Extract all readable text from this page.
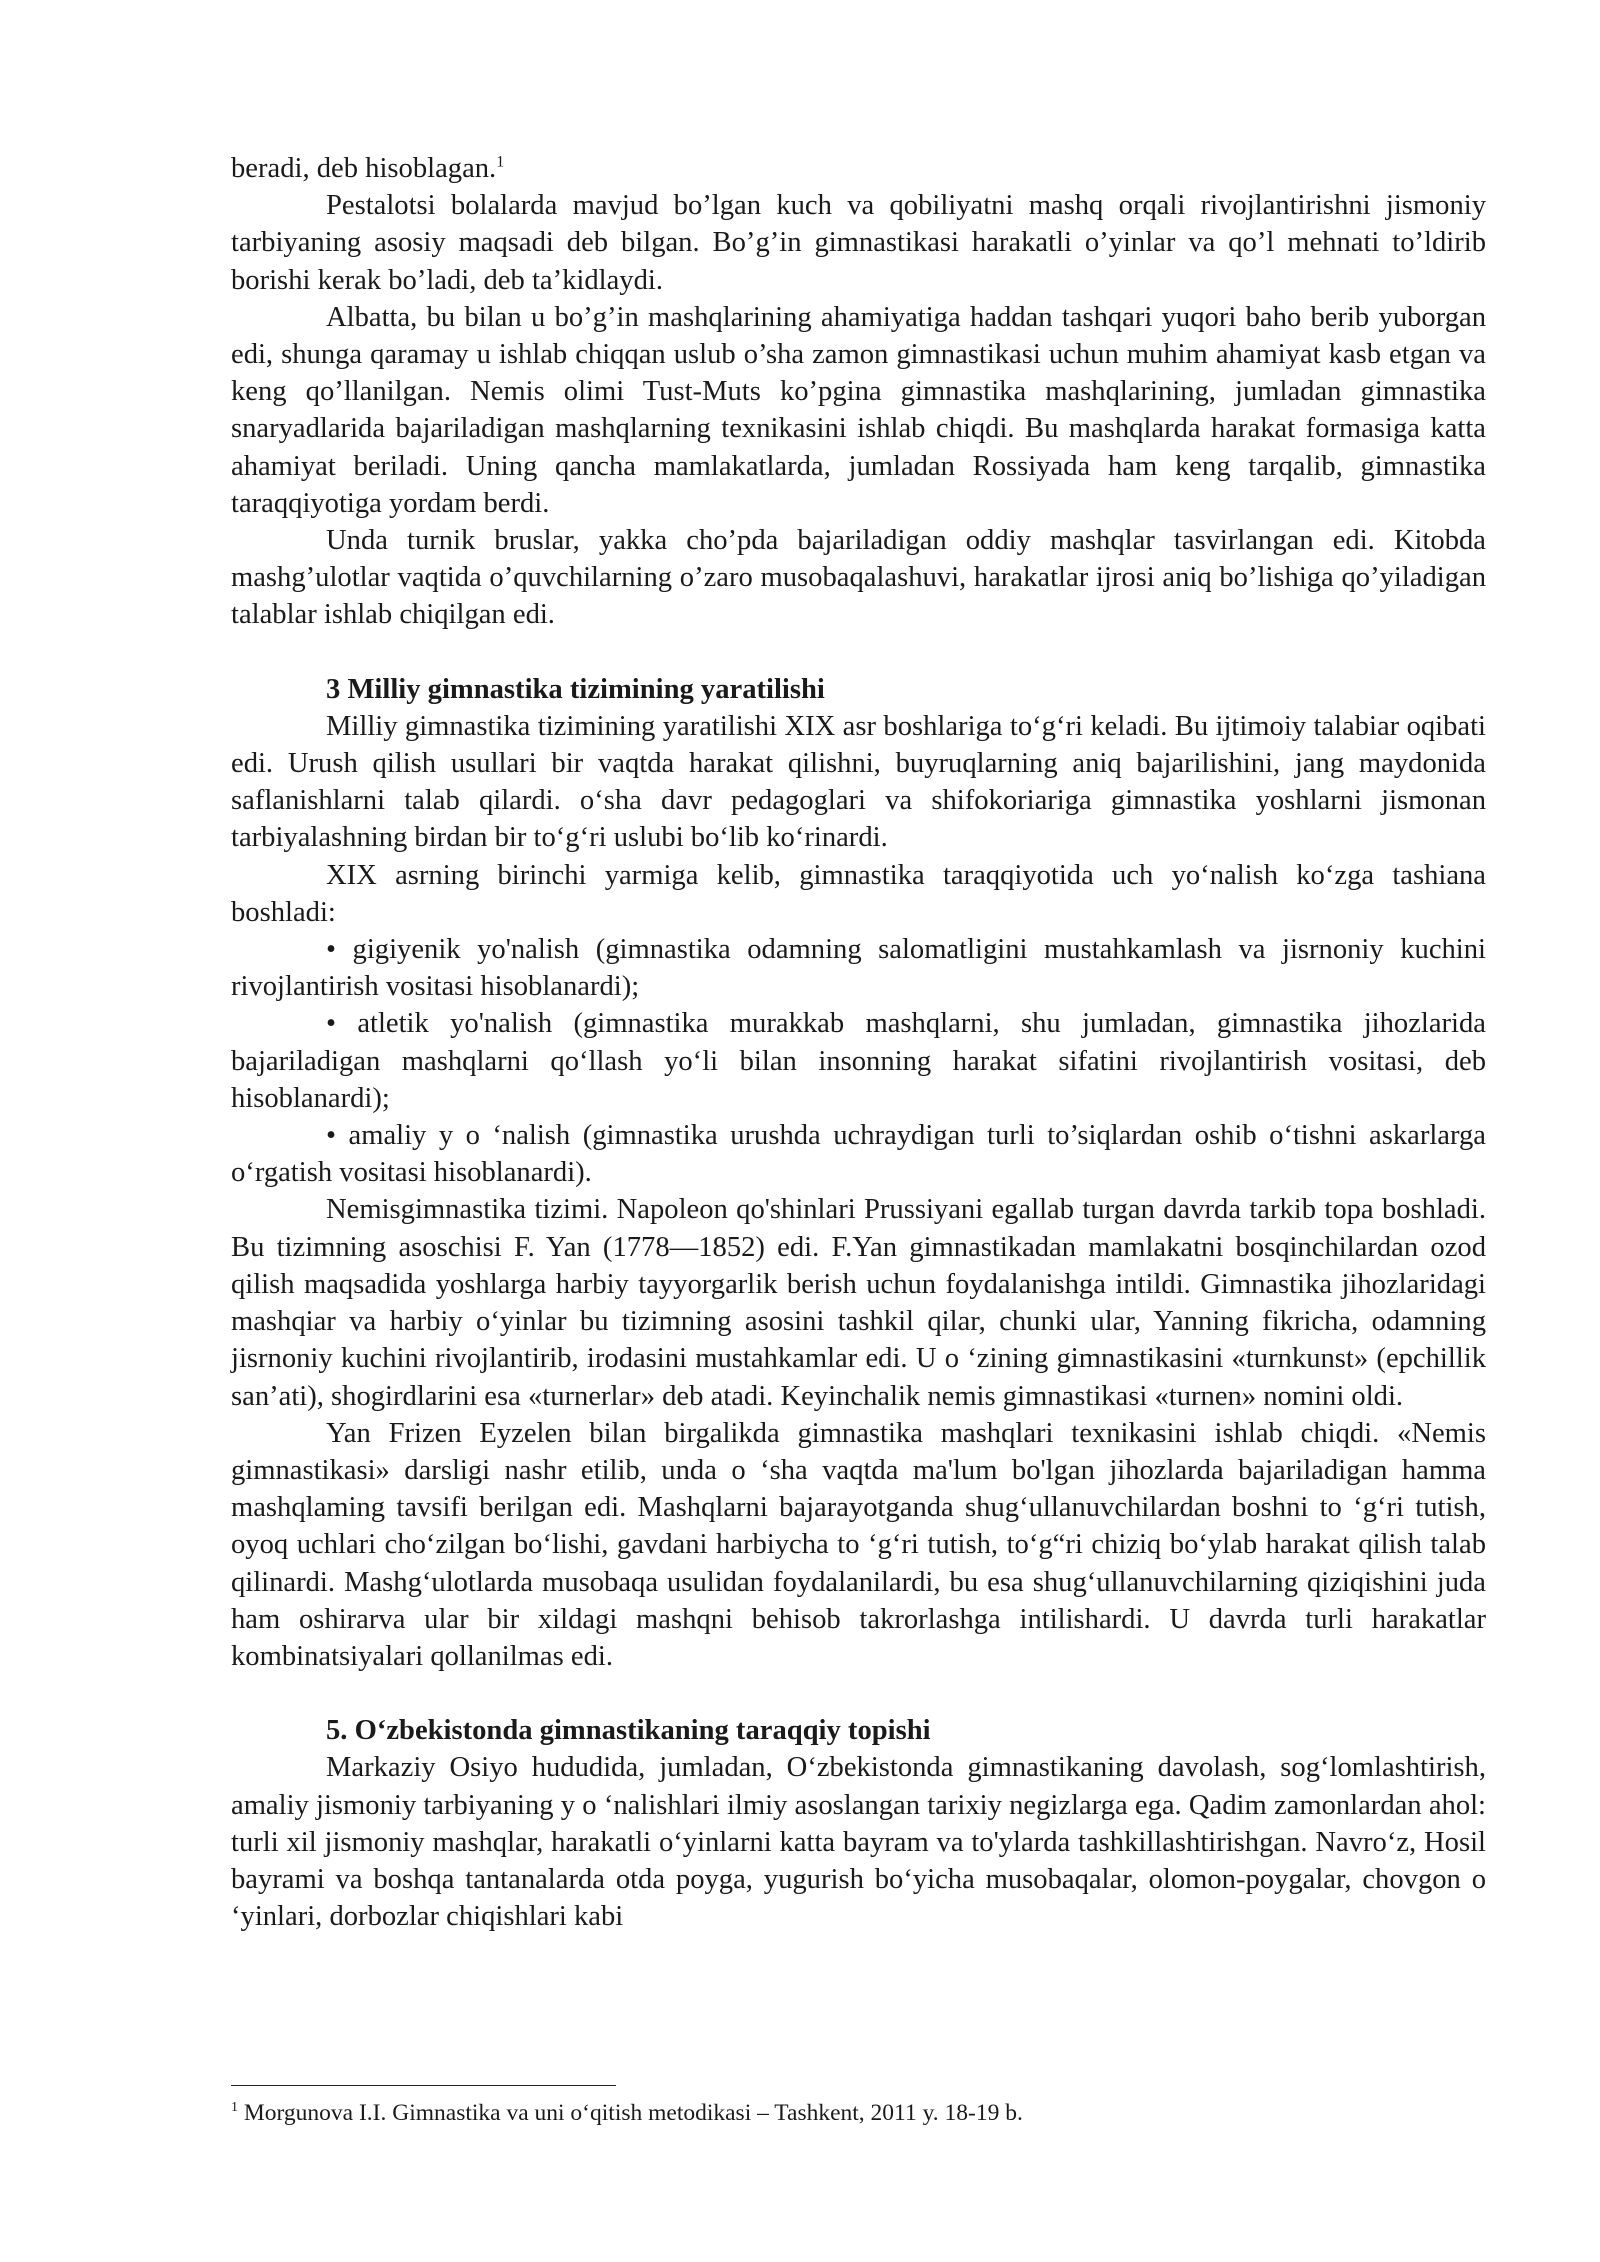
beradi, deb hisoblagan.$^1$

Pestalotsi bolalarda mavjud bo’lgan kuch va qobiliyatni mashq orqali rivojlantirishni jismoniy tarbiyaning asosiy maqsadi deb bilgan. Bo’g’in gimnastikasi harakatli o’yinlar va qo’l mehnati to’ldirib borishi kerak bo’ladi, deb ta’kidlaydi.

Albatta, bu bilan u bo’g’in mashqlarining ahamiyatiga haddan tashqari yuqori baho berib yuborgan edi, shunga qaramay u ishlab chiqqan uslub o’sha zamon gimnastikasi uchun muhim ahamiyat kasb etgan va keng qo’llanilgan. Nemis olimi Tust-Muts ko’pgina gimnastika mashqlarining, jumladan gimnastika snaryadlarida bajariladigan mashqlarning texnikasini ishlab chiqdi. Bu mashqlarda harakat formasiga katta ahamiyat beriladi. Uning qancha mamlakatlarda, jumladan Rossiyada ham keng tarqalib, gimnastika taraqqiyotiga yordam berdi.

Unda turnik bruslar, yakka cho’pda bajariladigan oddiy mashqlar tasvirlangan edi. Kitobda mashg’ulotlar vaqtida o’quvchilarning o’zaro musobaqalashuvi, harakatlar ijrosi aniq bo’lishiga qo’yiladigan talablar ishlab chiqilgan edi.

3 Milliy gimnastika tizimining yaratilishi

Milliy gimnastika tizimining yaratilishi XIX asr boshlariga to‘g‘ri keladi. Bu ijtimoiy talabiar oqibati edi. Urush qilish usullari bir vaqtda harakat qilishni, buyruqlarning aniq bajarilishini, jang maydonida saflanishlarni talab qilardi. o‘sha davr pedagoglari va shifokoriariga gimnastika yoshlarni jismonan tarbiyalashning birdan bir to‘g‘ri uslubi bo‘lib ko‘rinardi.

XIX asrning birinchi yarmiga kelib, gimnastika taraqqiyotida uch yo‘nalish ko‘zga tashiana boshladi:

• gigiyenik yo'nalish (gimnastika odamning salomatligini mustahkamlash va jisrnoniy kuchini rivojlantirish vositasi hisoblanardi);

• atletik yo'nalish (gimnastika murakkab mashqlarni, shu jumladan, gimnastika jihozlarida bajariladigan mashqlarni qo‘llash yo‘li bilan insonning harakat sifatini rivojlantirish vositasi, deb hisoblanardi);

• amaliy y o ‘nalish (gimnastika urushda uchraydigan turli to’siqlardan oshib o‘tishni askarlarga o‘rgatish vositasi hisoblanardi).

Nemisgimnastika tizimi. Napoleon qo'shinlari Prussiyani egallab turgan davrda tarkib topa boshladi. Bu tizimning asoschisi F. Yan (1778—1852) edi. F.Yan gimnastikadan mamlakatni bosqinchilardan ozod qilish maqsadida yoshlarga harbiy tayyorgarlik berish uchun foydalanishga intildi. Gimnastika jihozlaridagi mashqiar va harbiy o‘yinlar bu tizimning asosini tashkil qilar, chunki ular, Yanning fikricha, odamning jisrnoniy kuchini rivojlantirib, irodasini mustahkamlar edi. U o ‘zining gimnastikasini «turnkunst» (epchillik san’ati), shogirdlarini esa «turnerlar» deb atadi. Keyinchalik nemis gimnastikasi «turnen» nomini oldi.

Yan Frizen Eyzelen bilan birgalikda gimnastika mashqlari texnikasini ishlab chiqdi. «Nemis gimnastikasi» darsligi nashr etilib, unda o ‘sha vaqtda ma'lum bo'lgan jihozlarda bajariladigan hamma mashqlaming tavsifi berilgan edi. Mashqlarni bajarayotganda shug‘ullanuvchilardan boshni to ‘g‘ri tutish, oyoq uchlari cho‘zilgan bo‘lishi, gavdani harbiycha to ‘g‘ri tutish, to‘g“ri chiziq bo‘ylab harakat qilish talab qilinardi. Mashg‘ulotlarda musobaqa usulidan foydalanilardi, bu esa shug‘ullanuvchilarning qiziqishini juda ham oshirarva ular bir xildagi mashqni behisob takrorlashga intilishardi. U davrda turli harakatlar kombinatsiyalari qollanilmas edi.

5. O‘zbekistonda gimnastikaning taraqqiy topishi

Markaziy Osiyo hududida, jumladan, O‘zbekistonda gimnastikaning davolash, sog‘lomlashtirish, amaliy jismoniy tarbiyaning y o ‘nalishlari ilmiy asoslangan tarixiy negizlarga ega. Qadim zamonlardan ahol: turli xil jismoniy mashqlar, harakatli o‘yinlarni katta bayram va to'ylarda tashkillashtirishgan. Navro‘z, Hosil bayrami va boshqa tantanalarda otda poyga, yugurish bo‘yicha musobaqalar, olomon-poygalar, chovgon o ‘yinlari, dorbozlar chiqishlari kabi

$^1$ Morgunova I.I. Gimnastika va uni o‘qitish metodikasi – Tashkent, 2011 y. 18-19 b.
